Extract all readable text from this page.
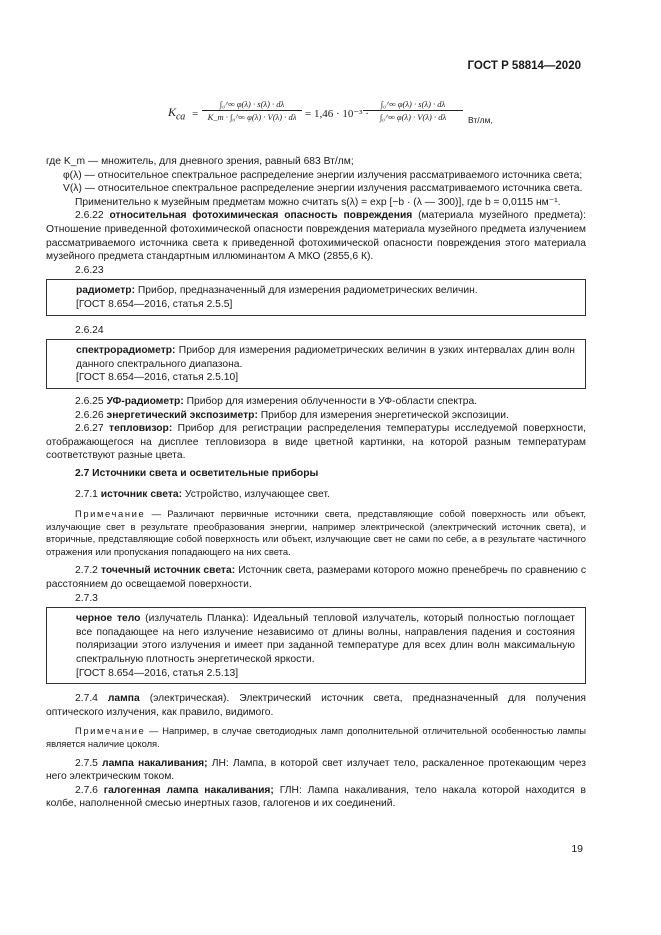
ГОСТ Р 58814—2020
$K_{са} = \frac{\text{∫₀\textasciicircum{}∞ φ(λ) · s(λ) · dλ}}{\text{K\_m · ∫₀\textasciicircum{}∞ φ(λ) · V(λ) · dλ}} = 1,46 \cdot 10^{-3}$ ·
$\frac{\text{∫₀\textasciicircum{}∞ φ(λ) · s(λ) · dλ}}{\text{∫₀\textasciicircum{}∞ φ(λ) · V(λ) · dλ}} Вт/лм$,

где K_m — множитель, для дневного зрения, равный 683 Вт/лм;

φ(λ) — относительное спектральное распределение энергии излучения рассматриваемого источника света;

V(λ) — относительное спектральное распределение энергии излучения рассматриваемого источника света.

Применительно к музейным предметам можно считать s(λ) = exp [−b · (λ — 300)], где b = 0,0115 нм⁻¹.

2.6.22 относительная фотохимическая опасность повреждения (материала музейного предмета): Отношение приведенной фотохимической опасности повреждения материала музейного предмета излучением рассматриваемого источника света к приведенной фотохимической опасности повреждения этого материала музейного предмета стандартным иллюминантом А МКО (2855,6 К).

2.6.23

радиометр: Прибор, предназначенный для измерения радиометрических величин.

[ГОСТ 8.654—2016, статья 2.5.5]

2.6.24

спектрорадиометр: Прибор для измерения радиометрических величин в узких интервалах длин волн данного спектрального диапазона.

[ГОСТ 8.654—2016, статья 2.5.10]

2.6.25 УФ-радиометр: Прибор для измерения облученности в УФ-области спектра.

2.6.26 энергетический экспозиметр: Прибор для измерения энергетической экспозиции.

2.6.27 тепловизор: Прибор для регистрации распределения температуры исследуемой поверхности, отображающегося на дисплее тепловизора в виде цветной картинки, на которой разным температурам соответствуют разные цвета.

2.7 Источники света и осветительные приборы

2.7.1 источник света: Устройство, излучающее свет.

Примечание — Различают первичные источники света, представляющие собой поверхность или объект, излучающие свет в результате преобразования энергии, например электрической (электрический источник света), и вторичные, представляющие собой поверхность или объект, излучающие свет не сами по себе, а в результате частичного отражения или пропускания попадающего на них света.

2.7.2 точечный источник света: Источник света, размерами которого можно пренебречь по сравнению с расстоянием до освещаемой поверхности.

2.7.3

черное тело (излучатель Планка): Идеальный тепловой излучатель, который полностью поглощает все попадающее на него излучение независимо от длины волны, направления падения и состояния поляризации этого излучения и имеет при заданной температуре для всех длин волн максимальную спектральную плотность энергетической яркости.

[ГОСТ 8.654—2016, статья 2.5.13]

2.7.4 лампа (электрическая). Электрический источник света, предназначенный для получения оптического излучения, как правило, видимого.

Примечание — Например, в случае светодиодных ламп дополнительной отличительной особенностью лампы является наличие цоколя.

2.7.5 лампа накаливания; ЛН: Лампа, в которой свет излучает тело, раскаленное протекающим через него электрическим током.

2.7.6 галогенная лампа накаливания; ГЛН: Лампа накаливания, тело накала которой находится в колбе, наполненной смесью инертных газов, галогенов и их соединений.

19
